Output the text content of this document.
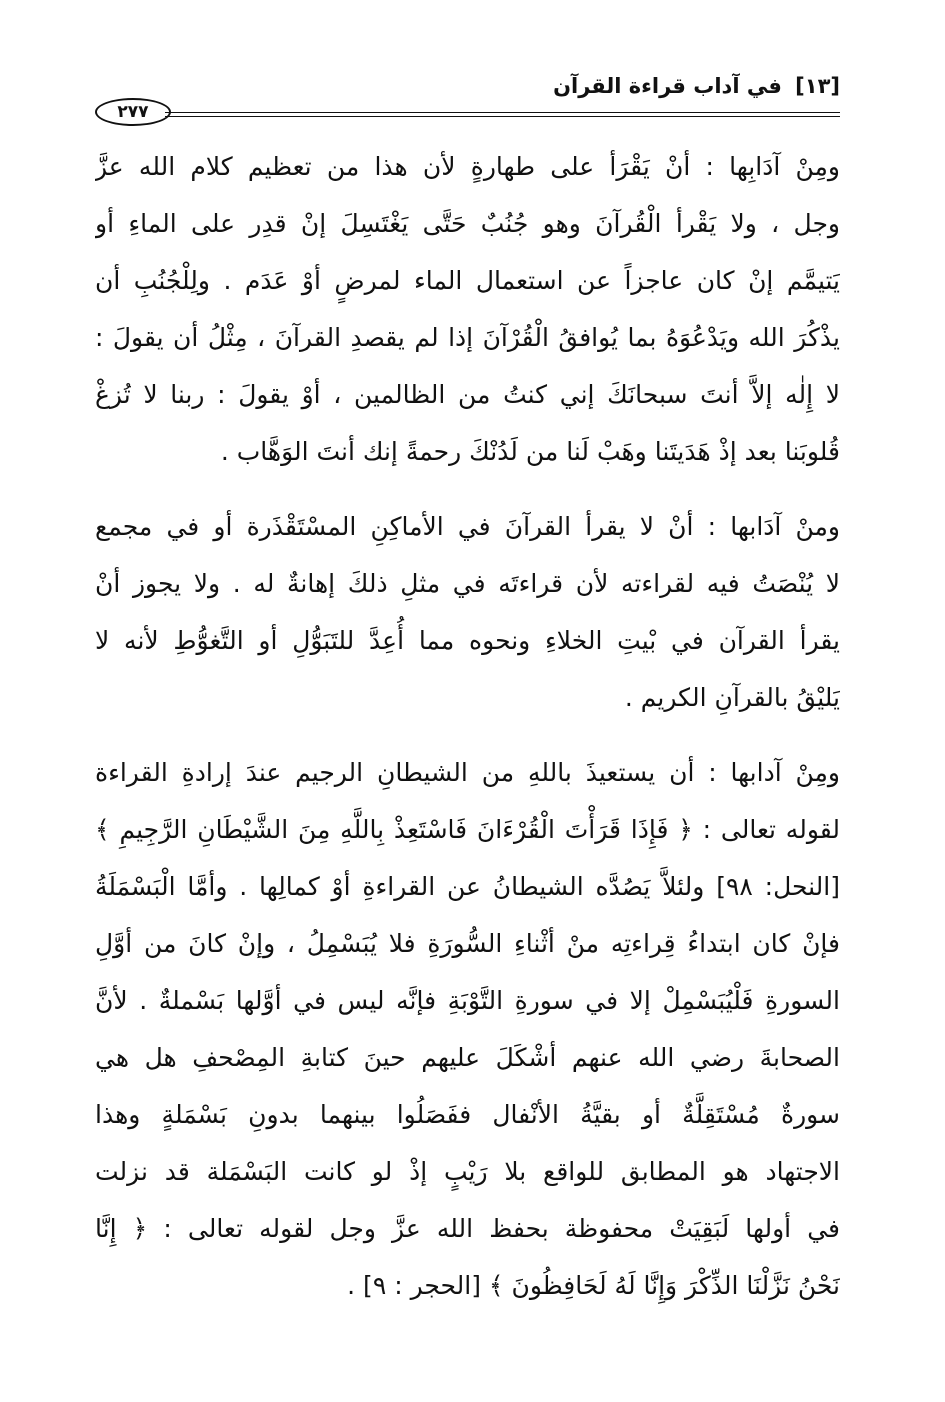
[١٣] في آداب قراءة القرآن
٢٧٧
ومِنْ آدَابِها : أنْ يَقْرَأ على طهارةٍ لأن هذا من تعظيم كلام الله عزَّ
وجل ، ولا يَقْرأ الْقُرآنَ وهو جُنُبٌ حَتَّى يَغْتَسِلَ إنْ قدِر على الماءِ أو
يَتيمَّم إنْ كان عاجزاً عن استعمال الماء لمرضٍ أوْ عَدَم . ولِلْجُنُبِ أن
يذْكُرَ الله ويَدْعُوَهُ بما يُوافقُ الْقُرْآنَ إذا لم يقصدِ القرآنَ ، مِثْلُ أن يقولَ :
لا إِلٰه إلاَّ أنتَ سبحانَكَ إني كنتُ من الظالمين ، أوْ يقولَ : ربنا لا تُزغْ
قُلوبَنا بعد إذْ هَدَيتَنا وهَبْ لَنا من لَدُنْكَ رحمةً إنك أنتَ الوَهَّاب .
ومنْ آدَابها : أنْ لا يقرأ القرآنَ في الأماكِنِ المسْتَقْذَرة أو في مجمع
لا يُنْصَتُ فيه لقراءته لأن قراءتَه في مثلِ ذلكَ إهانةٌ له . ولا يجوز أنْ
يقرأ القرآن في بْيتِ الخلاءِ ونحوه مما أُعِدَّ للتَبَوُّلِ أو التَّغوُّطِ لأنه لا
يَليْقُ بالقرآنِ الكريم .
ومِنْ آدابها : أن يستعيذَ باللهِ من الشيطانِ الرجيم عندَ إرادةِ القراءة
لقوله تعالى : ﴿ فَإِذَا قَرَأْتَ الْقُرْءَانَ فَاسْتَعِذْ بِاللَّهِ مِنَ الشَّيْطَانِ الرَّجِيمِ ﴾
[النحل: ٩٨] ولئلاَّ يَصُدَّه الشيطانُ عن القراءةِ أوْ كمالِها . وأمَّا الْبَسْمَلَةُ
فإنْ كان ابتداءُ قِراءتِه منْ أثْناءِ السُّورَةِ فلا يُبَسْمِلُ ، وإنْ كانَ من أوَّلِ
السورةِ فَلْيُبَسْمِلْ إلا في سورةِ التَّوْبَةِ فإنَّه ليس في أوَّلها بَسْملةٌ . لأنَّ
الصحابةَ رضي الله عنهم أشْكَلَ عليهم حينَ كتابةِ المِصْحفِ هل هي
سورةٌ مُسْتَقِلَّةٌ أو بقيَّةُ الأنْفال ففَصَلُوا بينهما بدونِ بَسْمَلةٍ وهذا
الاجتهاد هو المطابق للواقع بلا رَيْبٍ إذْ لو كانت البَسْمَلة قد نزلت
في أولها لَبَقِيَتْ محفوظة بحفظ الله عزَّ وجل لقوله تعالى : ﴿ إِنَّا
نَحْنُ نَزَّلْنَا الذِّكْرَ وَإِنَّا لَهُ لَحَافِظُونَ ﴾ [الحجر : ٩] .
